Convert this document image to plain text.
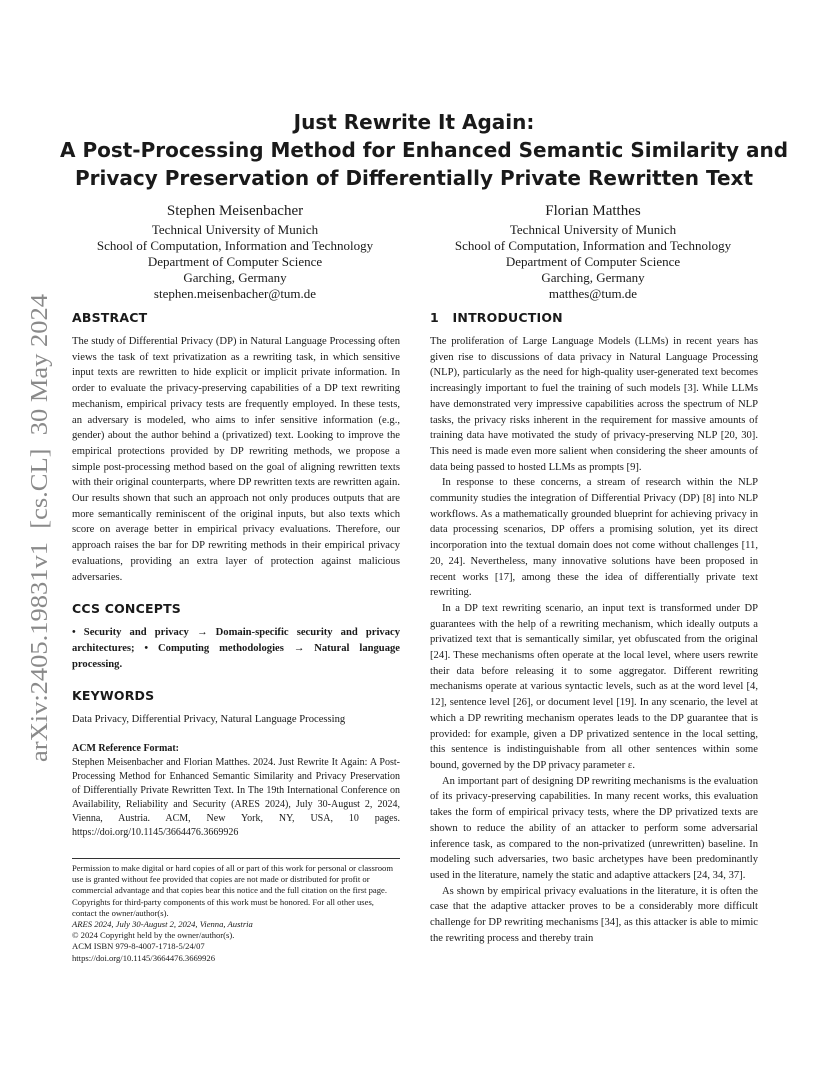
arXiv:2405.19831v1  [cs.CL]  30 May 2024
Just Rewrite It Again:
A Post-Processing Method for Enhanced Semantic Similarity and
Privacy Preservation of Differentially Private Rewritten Text
Stephen Meisenbacher
Technical University of Munich
School of Computation, Information and Technology
Department of Computer Science
Garching, Germany
stephen.meisenbacher@tum.de
Florian Matthes
Technical University of Munich
School of Computation, Information and Technology
Department of Computer Science
Garching, Germany
matthes@tum.de
ABSTRACT

The study of Differential Privacy (DP) in Natural Language Processing often views the task of text privatization as a rewriting task, in which sensitive input texts are rewritten to hide explicit or implicit private information. In order to evaluate the privacy-preserving capabilities of a DP text rewriting mechanism, empirical privacy tests are frequently employed. In these tests, an adversary is modeled, who aims to infer sensitive information (e.g., gender) about the author behind a (privatized) text. Looking to improve the empirical protections provided by DP rewriting methods, we propose a simple post-processing method based on the goal of aligning rewritten texts with their original counterparts, where DP rewritten texts are rewritten again. Our results shown that such an approach not only produces outputs that are more semantically reminiscent of the original inputs, but also texts which score on average better in empirical privacy evaluations. Therefore, our approach raises the bar for DP rewriting methods in their empirical privacy evaluations, providing an extra layer of protection against malicious adversaries.

CCS CONCEPTS

• Security and privacy → Domain-specific security and privacy architectures; • Computing methodologies → Natural language processing.

KEYWORDS

Data Privacy, Differential Privacy, Natural Language Processing

ACM Reference Format:

Stephen Meisenbacher and Florian Matthes. 2024. Just Rewrite It Again: A Post-Processing Method for Enhanced Semantic Similarity and Privacy Preservation of Differentially Private Rewritten Text. In The 19th International Conference on Availability, Reliability and Security (ARES 2024), July 30-August 2, 2024, Vienna, Austria. ACM, New York, NY, USA, 10 pages. https://doi.org/10.1145/3664476.3669926

Permission to make digital or hard copies of all or part of this work for personal or classroom use is granted without fee provided that copies are not made or distributed for profit or commercial advantage and that copies bear this notice and the full citation on the first page. Copyrights for third-party components of this work must be honored. For all other uses, contact the owner/author(s).

ARES 2024, July 30-August 2, 2024, Vienna, Austria
© 2024 Copyright held by the owner/author(s).
ACM ISBN 979-8-4007-1718-5/24/07
https://doi.org/10.1145/3664476.3669926
1   INTRODUCTION

The proliferation of Large Language Models (LLMs) in recent years has given rise to discussions of data privacy in Natural Language Processing (NLP), particularly as the need for high-quality user-generated text becomes increasingly important to fuel the training of such models [3]. While LLMs have demonstrated very impressive capabilities across the spectrum of NLP tasks, the privacy risks inherent in the requirement for massive amounts of training data have motivated the study of privacy-preserving NLP [20, 30]. This need is made even more salient when considering the sheer amounts of data being passed to hosted LLMs as prompts [9].

In response to these concerns, a stream of research within the NLP community studies the integration of Differential Privacy (DP) [8] into NLP workflows. As a mathematically grounded blueprint for achieving privacy in data processing scenarios, DP offers a promising solution, yet its direct incorporation into the textual domain does not come without challenges [11, 20, 24]. Nevertheless, many innovative solutions have been proposed in recent works [17], among these the idea of differentially private text rewriting.

In a DP text rewriting scenario, an input text is transformed under DP guarantees with the help of a rewriting mechanism, which ideally outputs a privatized text that is semantically similar, yet obfuscated from the original [24]. These mechanisms often operate at the local level, where users rewrite their data before releasing it to some aggregator. Different rewriting mechanisms operate at various syntactic levels, such as at the word level [4, 12], sentence level [26], or document level [19]. In any scenario, the level at which a DP rewriting mechanism operates leads to the DP guarantee that is provided: for example, given a DP privatized sentence in the local setting, this sentence is indistinguishable from all other sentences within some bound, governed by the DP privacy parameter ε.

An important part of designing DP rewriting mechanisms is the evaluation of its privacy-preserving capabilities. In many recent works, this evaluation takes the form of empirical privacy tests, where the DP privatized texts are shown to reduce the ability of an attacker to perform some adversarial inference task, as compared to the non-privatized (unrewritten) baseline. In modeling such adversaries, two basic archetypes have been predominantly used in the literature, namely the static and adaptive attackers [24, 34, 37].

As shown by empirical privacy evaluations in the literature, it is often the case that the adaptive attacker proves to be a considerably more difficult challenge for DP rewriting mechanisms [34], as this attacker is able to mimic the rewriting process and thereby train
